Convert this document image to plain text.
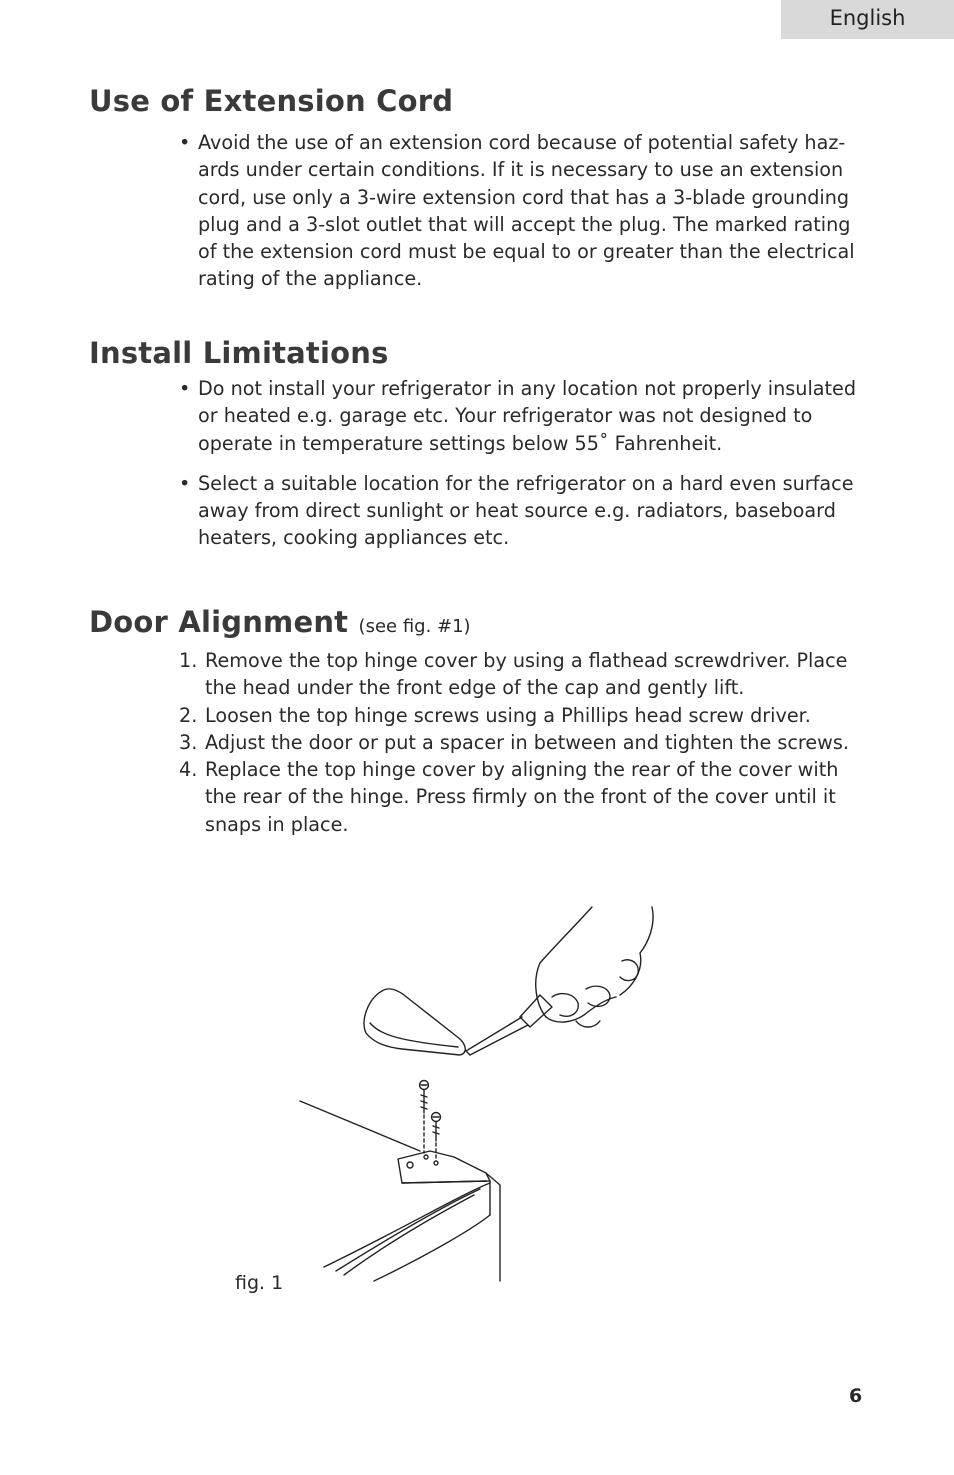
English
Use of Extension Cord
• Avoid the use of an extension cord because of potential safety haz-ards under certain conditions. If it is necessary to use an extension cord, use only a 3-wire extension cord that has a 3-blade grounding plug and a 3-slot outlet that will accept the plug. The marked rating of the extension cord must be equal to or greater than the electrical rating of the appliance.
Install Limitations
• Do not install your refrigerator in any location not properly insulated or heated e.g. garage etc. Your refrigerator was not designed to operate in temperature settings below 55˚ Fahrenheit.
• Select a suitable location for the refrigerator on a hard even surface away from direct sunlight or heat source e.g. radiators, baseboard heaters, cooking appliances etc.
Door Alignment (see fig. #1)
1. Remove the top hinge cover by using a flathead screwdriver. Place the head under the front edge of the cap and gently lift.
2. Loosen the top hinge screws using a Phillips head screw driver.
3. Adjust the door or put a spacer in between and tighten the screws.
4. Replace the top hinge cover by aligning the rear of the cover with the rear of the hinge. Press firmly on the front of the cover until it snaps in place.
fig. 1
6
